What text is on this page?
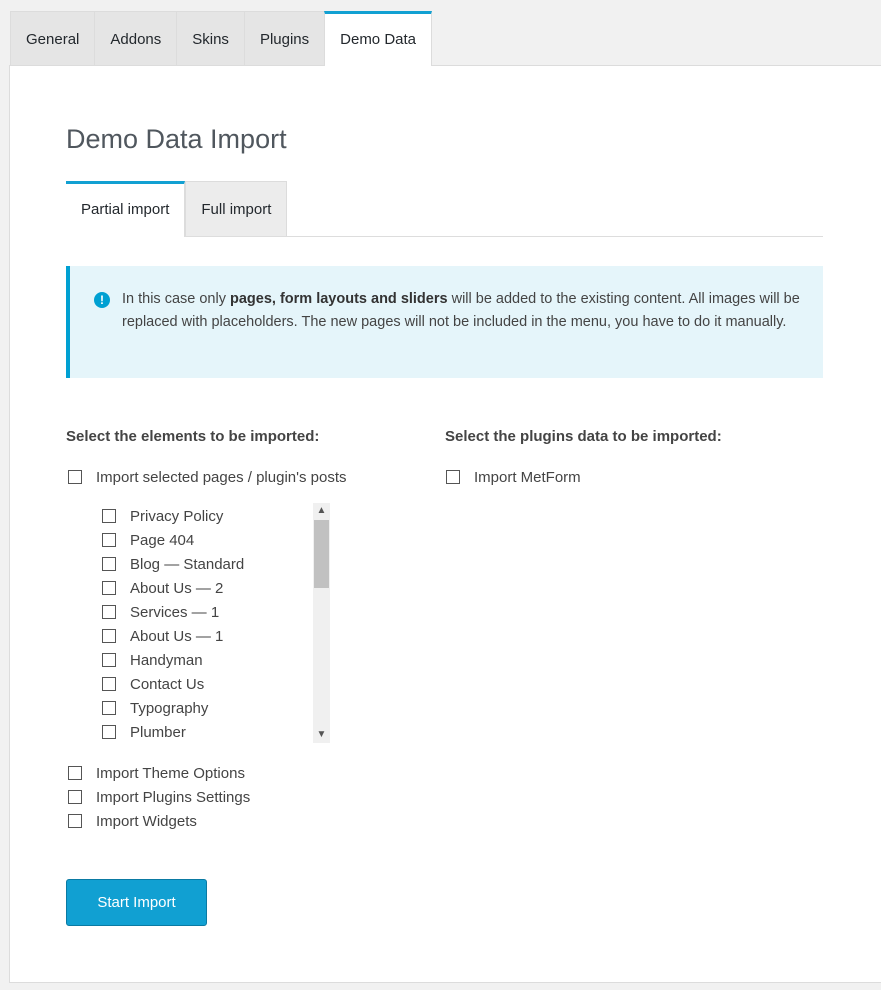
General	Addons	Skins	Plugins	Demo Data
Demo Data Import
Partial import	Full import
!	In this case only pages, form layouts and sliders will be added to the existing content. All images will be replaced with placeholders. The new pages will not be included in the menu, you have to do it manually.
Select the elements to be imported:	Select the plugins data to be imported:
Import selected pages / plugin's posts	Import MetForm
Privacy Policy
Page 404
Blog — Standard
About Us — 2
Services — 1
About Us — 1
Handyman
Contact Us
Typography
Plumber
▲
▼
Import Theme Options
Import Plugins Settings
Import Widgets
Start Import
